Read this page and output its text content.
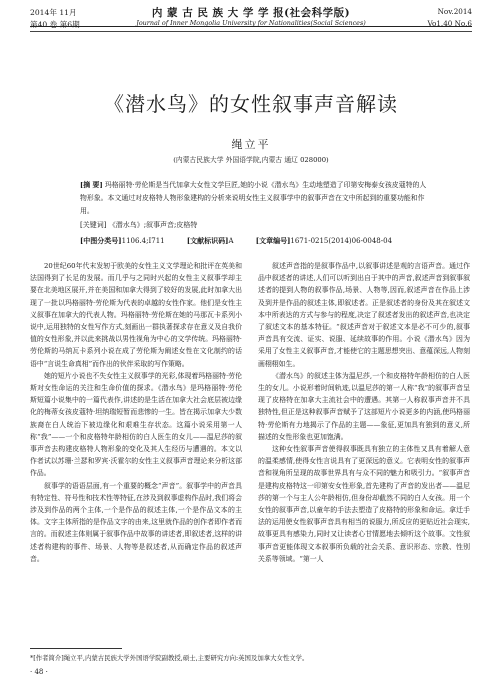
2014年 11月
第40 卷 第6期
内 蒙 古 民 族 大 学 学 报(社会科学版)
Journal of Inner Mongolia University for Nationalities(Social Sciences)
Nov.2014
Vo1.40 No.6
《潜水鸟》的女性叙事声音解读
绳立平
(内蒙古民族大学 外国语学院,内蒙古 通辽 028000)
[摘 要] 玛格丽特·劳伦斯是当代加拿大女性文学巨匠,她的小说《潜水鸟》生动地塑造了印第安梅泰女孩皮蔻特的人物形象。本文通过对皮格特人物形象建构的分析来说明女性主义叙事学中的叙事声音在文中所起到的重要功能和作用。
[关键词] 《潜水鸟》;叙事声音;皮格特
[中图分类号]1106.4;I711	[文献标识码]A	[文章编号]1671-0215(2014)06-0048-04

20世纪60年代末发轫于欧美的女性主义文学理论和批评在英美和法国得到了长足的发展。而几乎与之同时兴起的女性主义叙事学却主要在北美地区展开,并在美国和加拿大得到了较好的发展,此时加拿大出现了一批以玛格丽特·劳伦斯为代表的卓越的女性作家。他们是女性主义叙事在加拿大的代表人物。玛格丽特·劳伦斯在她的马那瓦卡系列小说中,运用独特的女性写作方式,刻画出一群执著探求存在意义及自我价值的女性形象,并以此来挑战以男性视角为中心的文学传统。玛格丽特·劳伦斯的马纳瓦卡系列小说在成了劳伦斯为阐述女性在文化制约的话语中“言说生命真相”而作出的伙伴采取的写作策略。

她的短片小说也不失女性主义叙事学的光彩,体现着玛格丽特·劳伦斯对女性命运的关注和生命价值的探求。《潜水鸟》是玛格丽特·劳伦斯短篇小说集中的一篇代表作,讲述的是生活在加拿大社会底层被边缘化的梅蒂女孩皮蔻特·坦纳瑞短暂而悲惨的一生。皆在揭示加拿大少数族裔在白人统治下被边缘化和艰难生存状态。这篇小说采用第一人称“我”——一个和皮格特年龄相仿的白人医生的女儿——温尼莎的叙事声音去构建皮格特人物形象的变化及其人生经历与遭遇的。本文以作者试以苏珊·兰瑟和罗宾·沃霍尔的女性主义叙事声音理论来分析这部作品。

叙事学的语语层面,有一个重要的概念“声音”。叙事学中的声音具有特定性、符号性和技术性等特征,在涉及到叙事虚构作品时,我们将会涉及到作品的两个主体,一个是作品的叙述主体,一个是作品文本的主体。文字主体所指的是作品文字的由来,这里就作品的创作者即作者而言的。而叙述主体则属于叙事作品中故事的讲述者,即叙述者,这样的讲述者构建构的事件、场景、人物等是叙述者,从而确定作品的叙述声音。

叙述声音指的是叙事作品中,以叙事讲述是观的言语声音。通过作品中叙述者的讲述,人们可以听到出自于其中的声音,叙述声音到叙事叙述者的提到人物的叙事作品,场景、人物等,因而,叙述声音在作品上涉及到并是作品的叙述主体,即叙述者。正是叙述者的身份及其在叙述文本中所表达的方式与参与的程度,决定了叙述者发出的叙述声音,也决定了叙述文本的基本特征。“叙述声音对于叙述文本是必不可少的,叙事声音具有交流、证实、说服、延续故事的作用。小说《潜水鸟》因为采用了女性主义叙事声音,才能使它的主题思想突出、意蕴深远,人物刻画栩栩如生。

《潜水鸟》的叙述主体为温尼莎,一个和皮格特年龄相仿的白人医生的女儿。小说形着时间轨迹,以温尼莎的第一人称“我”的叙事声音呈现了皮格特在加拿大主流社会中的遭遇。其第一人称叙事声音并不具独特性,但正是这种叙事声音赋予了这部短片小说更多的内涵,使玛格丽特·劳伦斯有力地揭示了作品的主题——象征,更加具有独到的意义,所描述的女性形象也更加饱满。

这种女性叙事声音使得叙事既具有独立的主体性又具有着解人意的温柔感情,使得女性言说具有了更深远的意义。它表明女性的叙事声音和视角所呈现的故事世界具有与众不同的魅力和吸引力。“叙事声音是建构皮格特这一印第安女性形象,首先建构了声音的发出者——温尼莎的第一个与主人公年龄相仿,但身份却截然不同的白人女孩。用一个女性的叙事声音,以童年的手法去塑造了皮格特的形象和命运。拿迁手法的运用使女性叙事声音具有相当的说服力,所反应的更贴近社会现实,故事更具有感染力,同时又让读者心甘情愿地去倾听这个故事。文性叙事声音更能体现文本叙事所负载的社会关系、意识形态、宗教、性别关系等领域。“第一人

*[作者简介]绳立平,内蒙古民族大学外国语学院副教授,硕士,主要研究方向:英国及加拿大女性文学。
· 48 ·
